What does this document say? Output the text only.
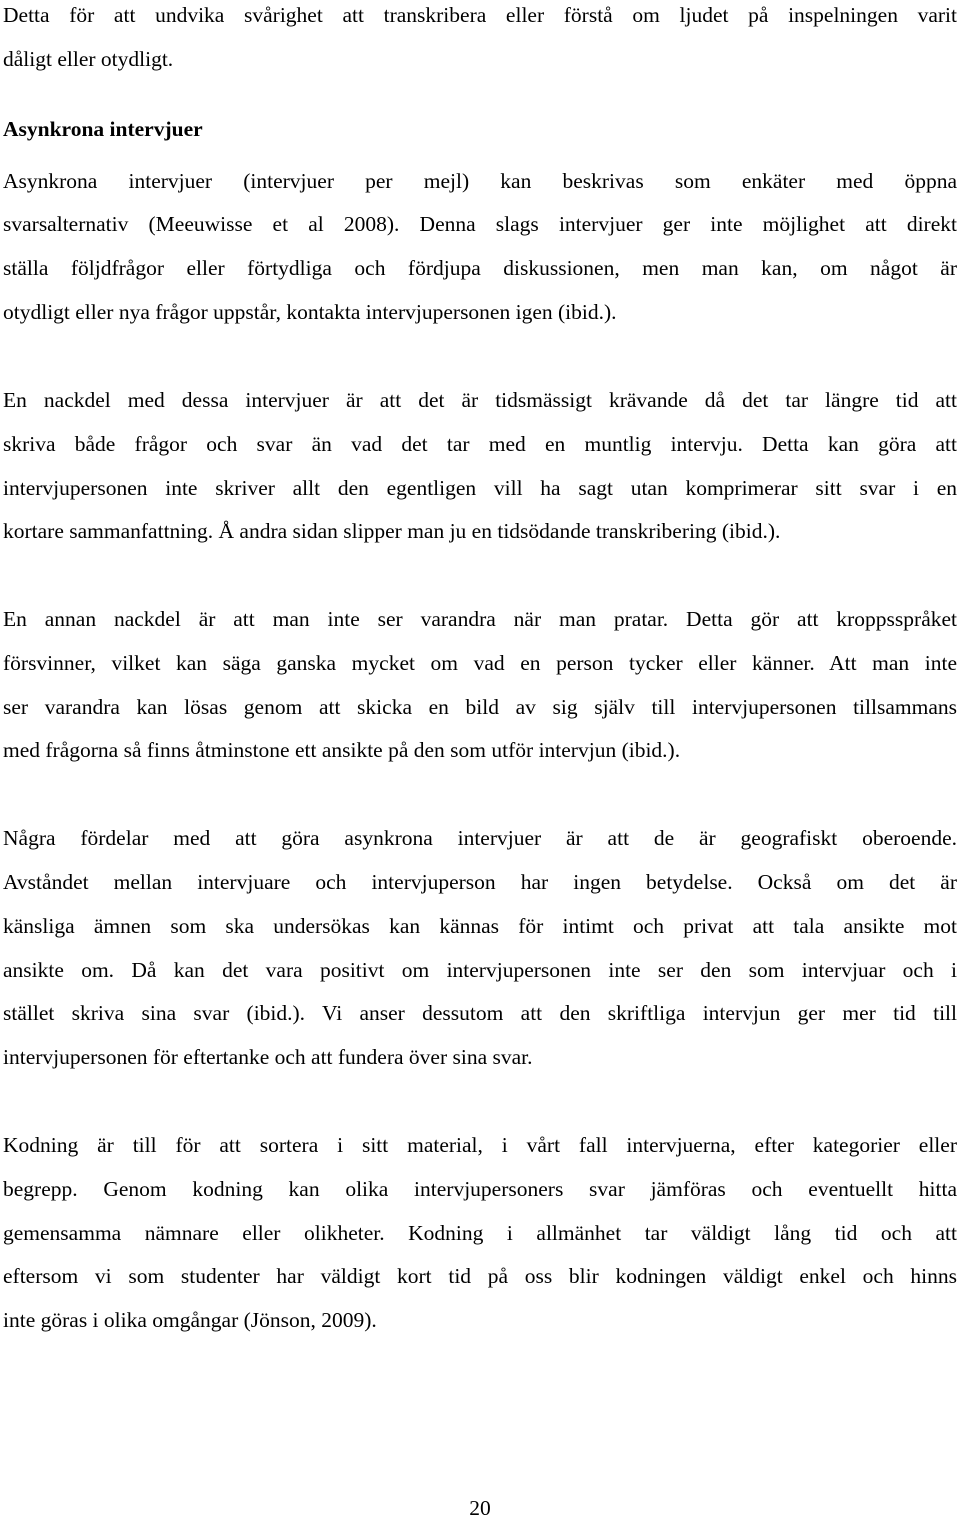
Detta för att undvika svårighet att transkribera eller förstå om ljudet på inspelningen varit
dåligt eller otydligt.
Asynkrona intervjuer
Asynkrona intervjuer (intervjuer per mejl) kan beskrivas som enkäter med öppna
svarsalternativ (Meeuwisse et al 2008). Denna slags intervjuer ger inte möjlighet att direkt
ställa följdfrågor eller förtydliga och fördjupa diskussionen, men man kan, om något är
otydligt eller nya frågor uppstår, kontakta intervjupersonen igen (ibid.).
En nackdel med dessa intervjuer är att det är tidsmässigt krävande då det tar längre tid att
skriva både frågor och svar än vad det tar med en muntlig intervju. Detta kan göra att
intervjupersonen inte skriver allt den egentligen vill ha sagt utan komprimerar sitt svar i en
kortare sammanfattning. Å andra sidan slipper man ju en tidsödande transkribering (ibid.).
En annan nackdel är att man inte ser varandra när man pratar. Detta gör att kroppsspråket
försvinner, vilket kan säga ganska mycket om vad en person tycker eller känner. Att man inte
ser varandra kan lösas genom att skicka en bild av sig själv till intervjupersonen tillsammans
med frågorna så finns åtminstone ett ansikte på den som utför intervjun (ibid.).
Några fördelar med att göra asynkrona intervjuer är att de är geografiskt oberoende.
Avståndet mellan intervjuare och intervjuperson har ingen betydelse. Också om det är
känsliga ämnen som ska undersökas kan kännas för intimt och privat att tala ansikte mot
ansikte om. Då kan det vara positivt om intervjupersonen inte ser den som intervjuar och i
stället skriva sina svar (ibid.). Vi anser dessutom att den skriftliga intervjun ger mer tid till
intervjupersonen för eftertanke och att fundera över sina svar.
Kodning är till för att sortera i sitt material, i vårt fall intervjuerna, efter kategorier eller
begrepp. Genom kodning kan olika intervjupersoners svar jämföras och eventuellt hitta
gemensamma nämnare eller olikheter. Kodning i allmänhet tar väldigt lång tid och att
eftersom vi som studenter har väldigt kort tid på oss blir kodningen väldigt enkel och hinns
inte göras i olika omgångar (Jönson, 2009).
20
